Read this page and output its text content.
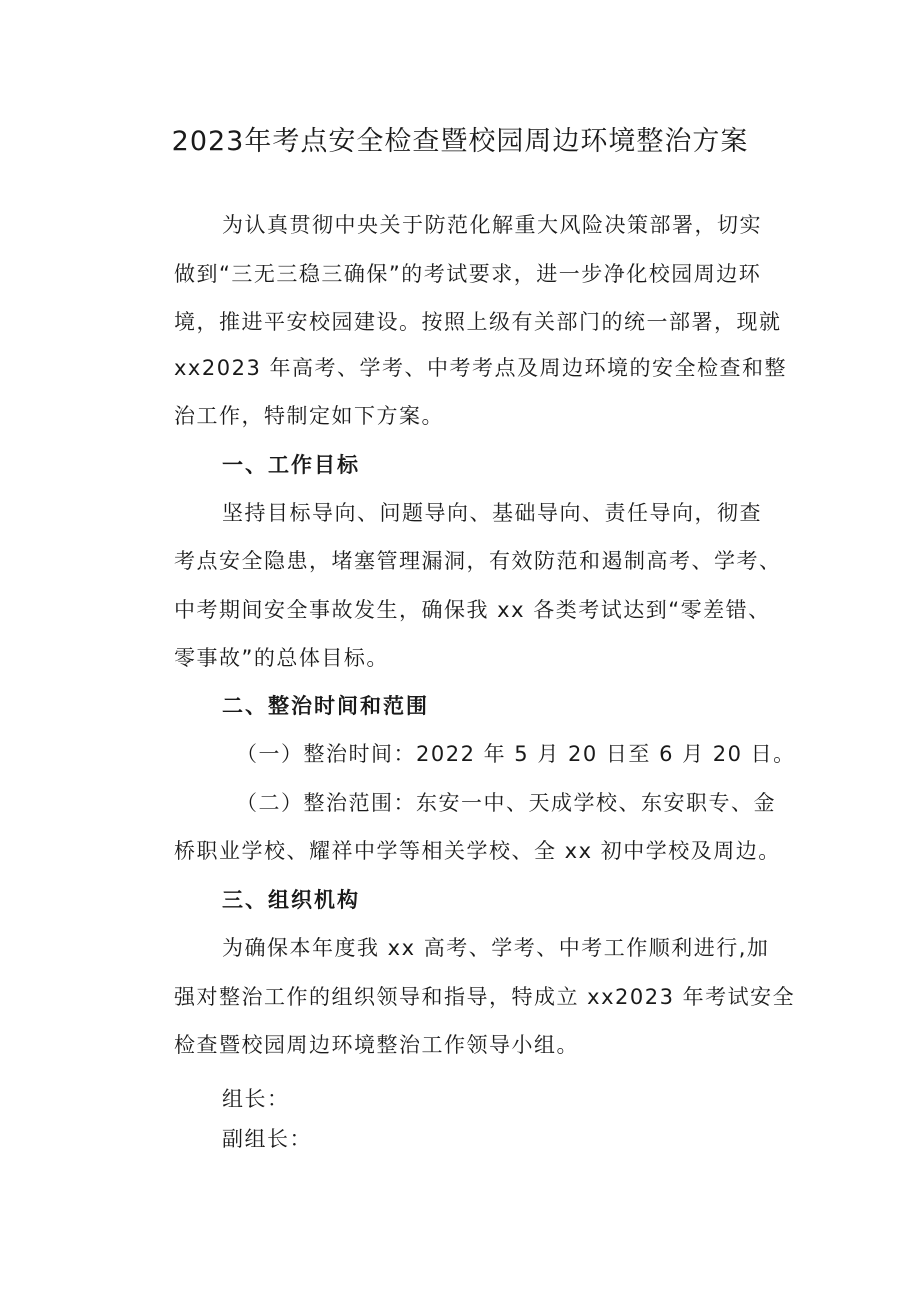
2023年考点安全检查暨校园周边环境整治方案
为认真贯彻中央关于防范化解重大风险决策部署，切实
做到“三无三稳三确保”的考试要求，进一步净化校园周边环
境，推进平安校园建设。按照上级有关部门的统一部署，现就
xx2023 年高考、学考、中考考点及周边环境的安全检查和整
治工作，特制定如下方案。
一、工作目标
坚持目标导向、问题导向、基础导向、责任导向，彻查
考点安全隐患，堵塞管理漏洞，有效防范和遏制高考、学考、
中考期间安全事故发生，确保我 xx 各类考试达到“零差错、
零事故”的总体目标。
二、整治时间和范围
（一）整治时间：2022 年 5 月 20 日至 6 月 20 日。
（二）整治范围：东安一中、天成学校、东安职专、金
桥职业学校、耀祥中学等相关学校、全 xx 初中学校及周边。
三、组织机构
为确保本年度我 xx 高考、学考、中考工作顺利进行,加
强对整治工作的组织领导和指导，特成立 xx2023 年考试安全
检查暨校园周边环境整治工作领导小组。
组长：
副组长：
